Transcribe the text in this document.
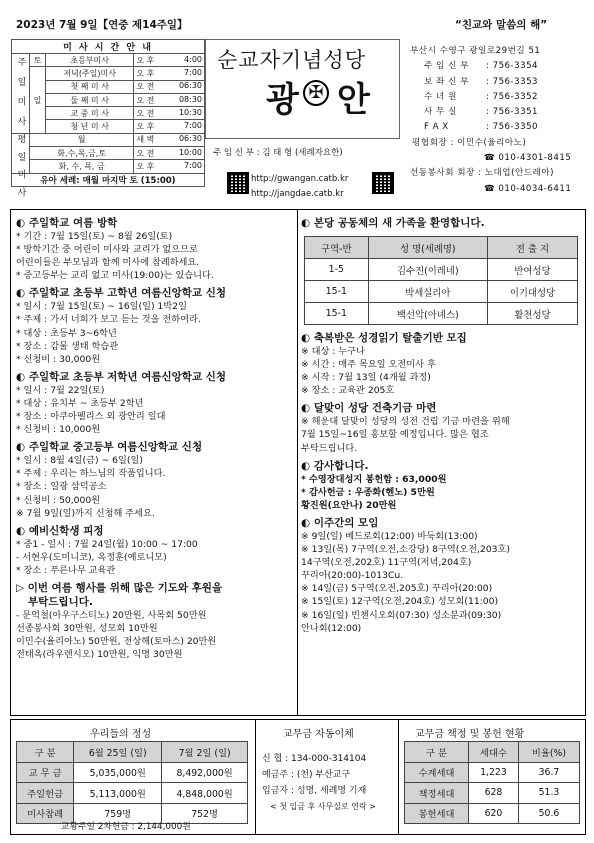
2023년 7월 9일【연중 제14주일】	“친교와 말씀의 해”
미 사 시 간 안 내			
주 일 미 사	토	초등부미사	오 후 4:00

	일	저녁(주일)미사	오 후 7:00

		첫 째 미 사	오 전 06:30

		둘 째 미 사	오 전 08:30

		교 중 미 사	오 전 10:30

		청 년 미 사	오 후 7:00

평 일 미 사	월		새 벽 06:30

	화,수,목,금,토		오 전 10:00

	화, 수, 목, 금		오 후 7:00

유아 세례: 매월 마지막 토 (15:00)			
순교자기념성당
광 ✠ 안
주 임 신 부 : 김 태 형 (세례자요한)
http://gwangan.catb.kr
http://jangdae.catb.kr
부산시 수영구 광일로29번길 51
주 임 신 부 : 756-3354
보 좌 신 부 : 756-3353
수 녀 원	: 756-3352
사 무 실	: 756-3351
F A X	: 756-3350
평협회장 : 이민수(율리아노)
☎ 010-4301-8415
선동봉사회 회장 : 노대업(안드레아)
☎ 010-4034-6411
◐ 주일학교 여름 방학
* 기간 : 7월 15일(토) ~ 8월 26일(토)
* 방학기간 중 어린이 미사와 교리가 없으므로
어린이들은 부모님과 함께 미사에 참례하세요.
* 중고등부는 교리 없고 미사(19:00)는 있습니다.
◐ 주일학교 초등부 고학년 여름신앙학교 신청
* 일시 : 7월 15일(토) ~ 16일(일) 1박2일
* 주제 : 가서 너희가 보고 듣는 것을 전하여라.
* 대상 : 초등부 3~6학년
* 장소 : 감물 생태 학습관
* 신청비 : 30,000원
◐ 주일학교 초등부 저학년 여름신앙학교 신청
* 일시 : 7월 22일(토)
* 대상 : 유치부 ~ 초등부 2학년
* 장소 : 아쿠아펠리스 외 광안리 일대
* 신청비 : 10,000원
◐ 주일학교 중고등부 여름신앙학교 신청
* 일시 : 8월 4일(금) ~ 6일(일)
* 주제 : 우리는 하느님의 작품입니다.
* 장소 : 일광 삼덕공소
* 신청비 : 50,000원
※ 7월 9일(일)까지 신청해 주세요.
◐ 예비신학생 피정
* 중1 - 일시 : 7월 24일(월) 10:00 ~ 17:00
- 서현우(도미니코), 옥정훈(예로니모)
* 장소 : 푸른나무 교육관
▷ 이번 여름 행사를 위해 많은 기도와 후원을
부탁드립니다.
- 문억철(아우구스티노) 20만원, 사목회 50만원
선종봉사회 30만원, 성모회 10만원
이민수(율리아노) 50만원, 전상해(토마스) 20만원
전태옥(라우렌시오) 10만원, 익명 30만원
◐ 본당 공동체의 새 가족을 환영합니다.
구역-반	성 명(세례명)	전 출 지
1-5	김수진(이레네)	반여성당
15-1	박세실리아	이기대성당
15-1	백선악(아녜스)	활천성당
◐ 축복받은 성경읽기 탈출기반 모집
※ 대상 : 누구나
※ 시간 : 매주 목요일 오전미사 후
※ 시작 : 7월 13일 (4개월 과정)
※ 장소 : 교육관 205호
◐ 달맞이 성당 건축기금 마련
※ 해운대 달맞이 성당의 성전 건립 기금 마련을 위해
7월 15일~16일 홍보할 예정입니다. 많은 협조
부탁드립니다.
◐ 감사합니다.
* 수영장대성지 봉헌함 : 63,000원
* 감사헌금 : 우종화(헨노) 5만원
황진원(요안나) 20만원
◐ 이주간의 모임
※ 9일(일) 베드로회(12:00) 바둑회(13:00)
※ 13일(목) 7구역(오전,소강당) 8구역(오전,203호)
14구역(오전,202호) 11구역(저녁,204호)
꾸리아(20:00)-1013Cu.
※ 14일(금) 5구역(오전,205호) 꾸리아(20:00)
※ 15일(토) 12구역(오전,204호) 성모회(11:00)
※ 16일(일) 빈첸시오회(07:30) 성소분과(09:30)
안나회(12:00)
우리들의 정성
구 분	6월 25일 (일)	7월 2일 (일)
교 무 금	5,035,000원	8,492,000원
주일헌금	5,113,000원	4,848,000원
미사참례	759명	752명
교황주일 2차헌금 : 2,144,000원
교무금 자동이체
신 협 : 134-000-314104
예금주 : (천) 부산교구
입금자 : 성명, 세례명 기재
< 첫 입금 후 사무실로 연락 >
교무금 책정 및 봉헌 현황
구 분	세대수	비율(%)
수계세대	1,223	36.7
책정세대	628	51.3
봉헌세대	620	50.6
